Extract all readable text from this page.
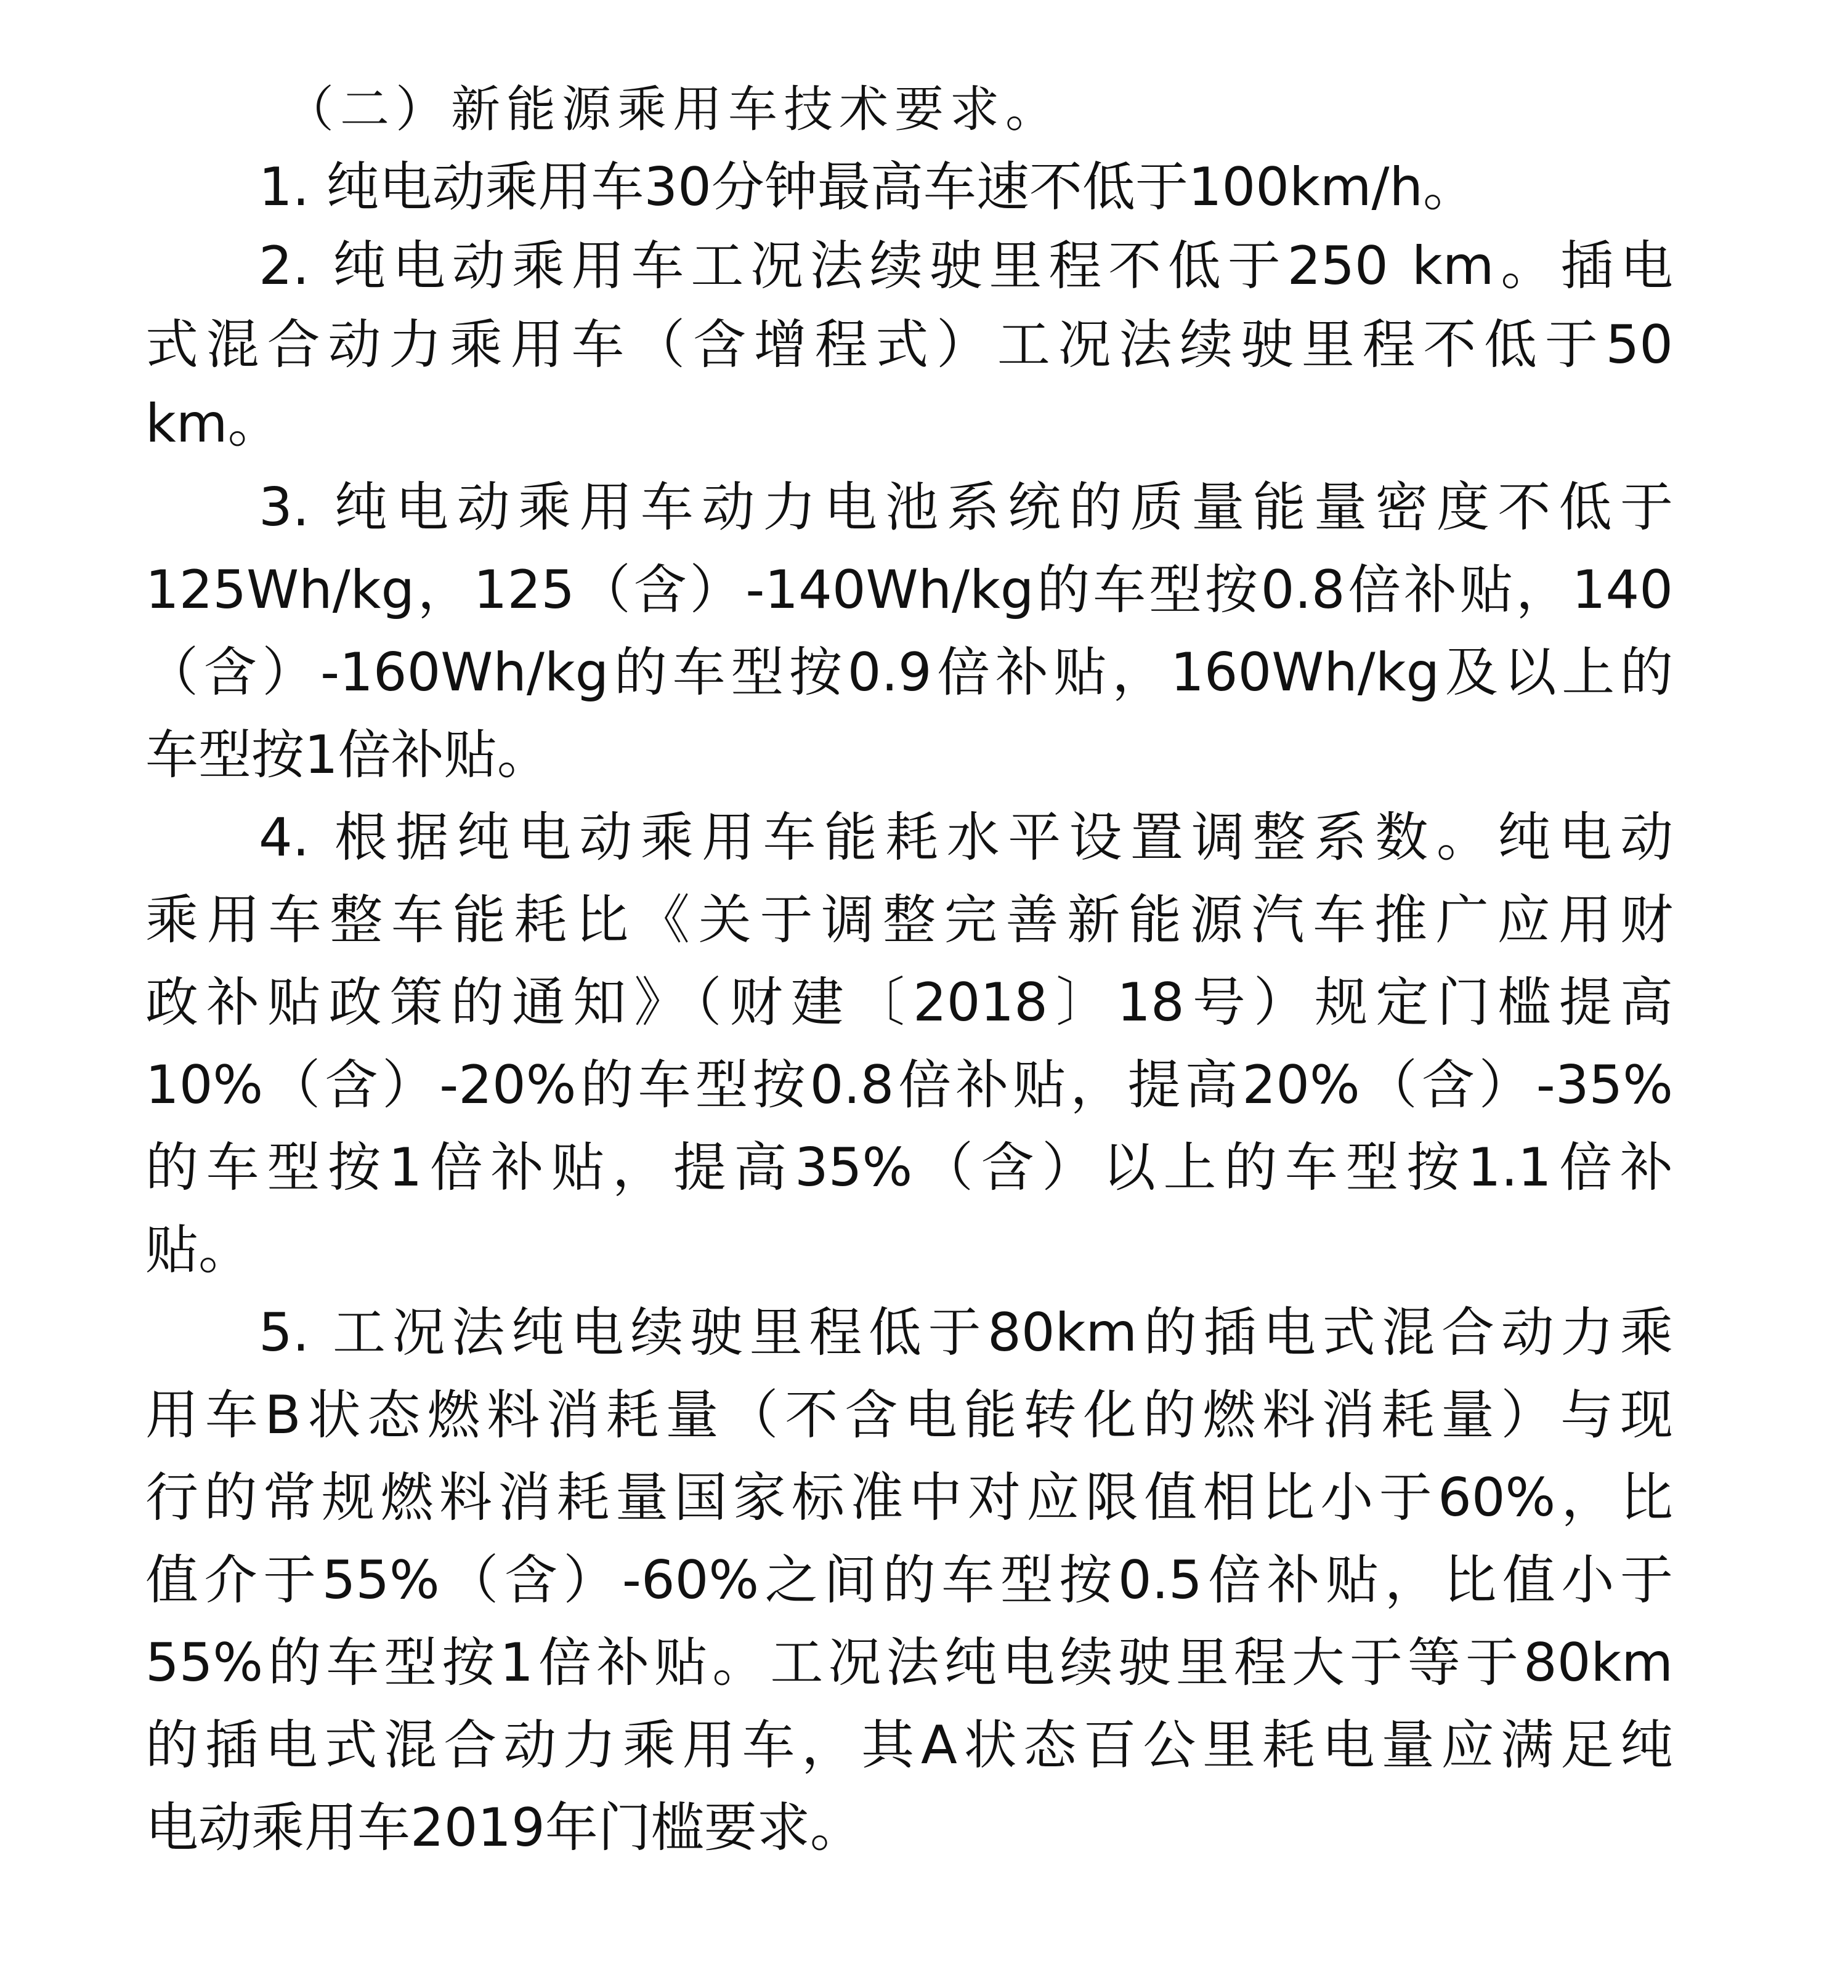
（二）新能源乘用车技术要求。
1. 纯电动乘用车30分钟最高车速不低于100km/h。
2. 纯电动乘用车工况法续驶里程不低于250 km。插电
式混合动力乘用车（含增程式）工况法续驶里程不低于50
km。
3. 纯电动乘用车动力电池系统的质量能量密度不低于
125Wh/kg，125（含）-140Wh/kg的车型按0.8倍补贴，140
（含）-160Wh/kg的车型按0.9倍补贴，160Wh/kg及以上的
车型按1倍补贴。
4. 根据纯电动乘用车能耗水平设置调整系数。纯电动
乘用车整车能耗比《关于调整完善新能源汽车推广应用财
政补贴政策的通知》（财建〔2018〕18号）规定门槛提高
10%（含）-20%的车型按0.8倍补贴，提高20%（含）-35%
的车型按1倍补贴，提高35%（含）以上的车型按1.1倍补
贴。
5. 工况法纯电续驶里程低于80km的插电式混合动力乘
用车B状态燃料消耗量（不含电能转化的燃料消耗量）与现
行的常规燃料消耗量国家标准中对应限值相比小于60%，比
值介于55%（含）-60%之间的车型按0.5倍补贴，比值小于
55%的车型按1倍补贴。工况法纯电续驶里程大于等于80km
的插电式混合动力乘用车，其A状态百公里耗电量应满足纯
电动乘用车2019年门槛要求。
